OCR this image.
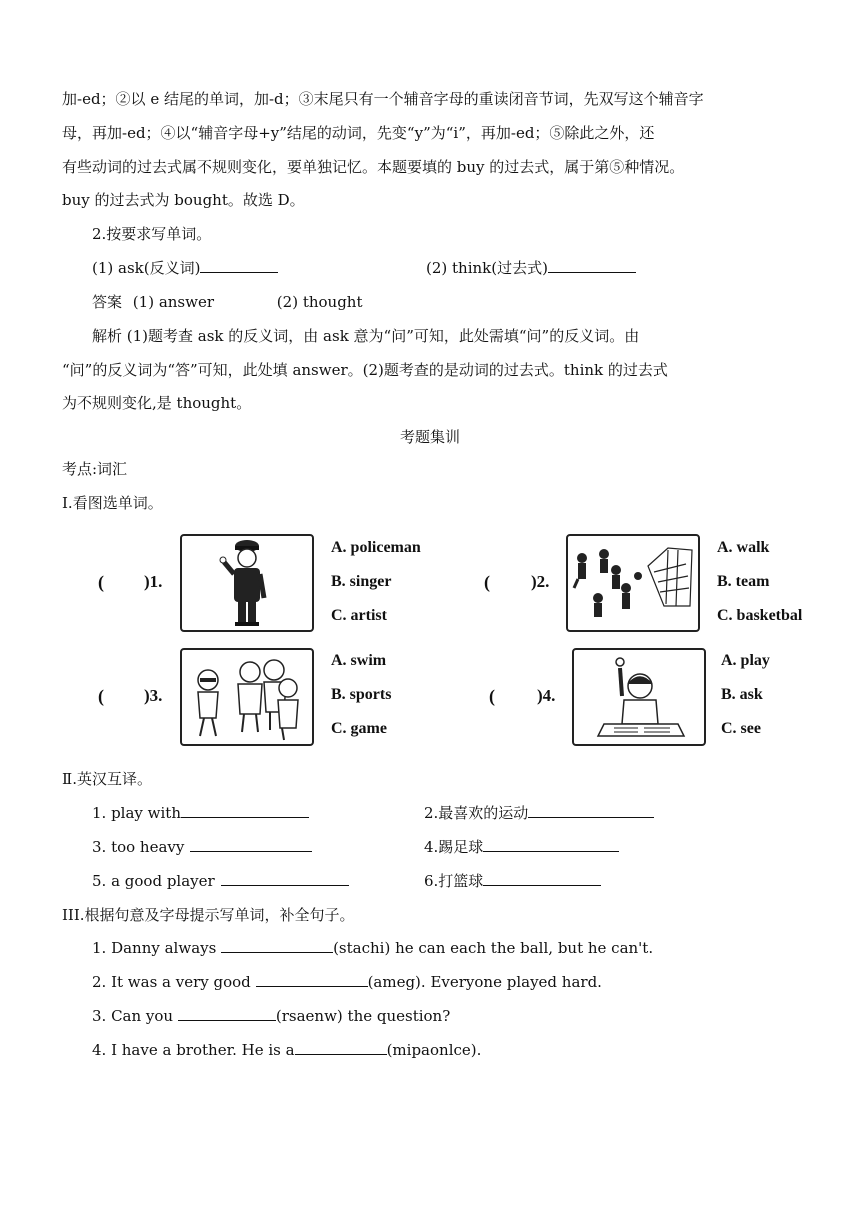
加-ed；②以 e 结尾的单词，加-d；③末尾只有一个辅音字母的重读闭音节词，先双写这个辅音字
母，再加-ed；④以“辅音字母+y”结尾的动词，先变“y”为“i”，再加-ed；⑤除此之外，还
有些动词的过去式属不规则变化，要单独记忆。本题要填的 buy 的过去式，属于第⑤种情况。
buy 的过去式为 bought。故选 D。
2.按要求写单词。
(1) ask(反义词)	(2) think(过去式)
答案 (1) answer	(2) thought
解析 (1)题考查 ask 的反义词，由 ask 意为“问”可知，此处需填“问”的反义词。由
“问”的反义词为“答”可知，此处填 answer。(2)题考查的是动词的过去式。think 的过去式
为不规则变化,是 thought。
考题集训
考点:词汇
Ⅰ.看图选单词。
( )1.
A. policeman
B. singer
C. artist
( )2.
A. walk
B. team
C. basketbal
( )3.
A. swim
B. sports
C. game
( )4.
A. play
B. ask
C. see
Ⅱ.英汉互译。
1. play with	2.最喜欢的运动
3. too heavy	4.踢足球
5. a good player	6.打篮球
III.根据句意及字母提示写单词，补全句子。
1. Danny always	(stachi) he can each the ball, but he can't.
2. It was a very good	(ameg). Everyone played hard.
3. Can you	(rsaenw) the question?
4. I have a brother. He is a	(mipaonlce).
